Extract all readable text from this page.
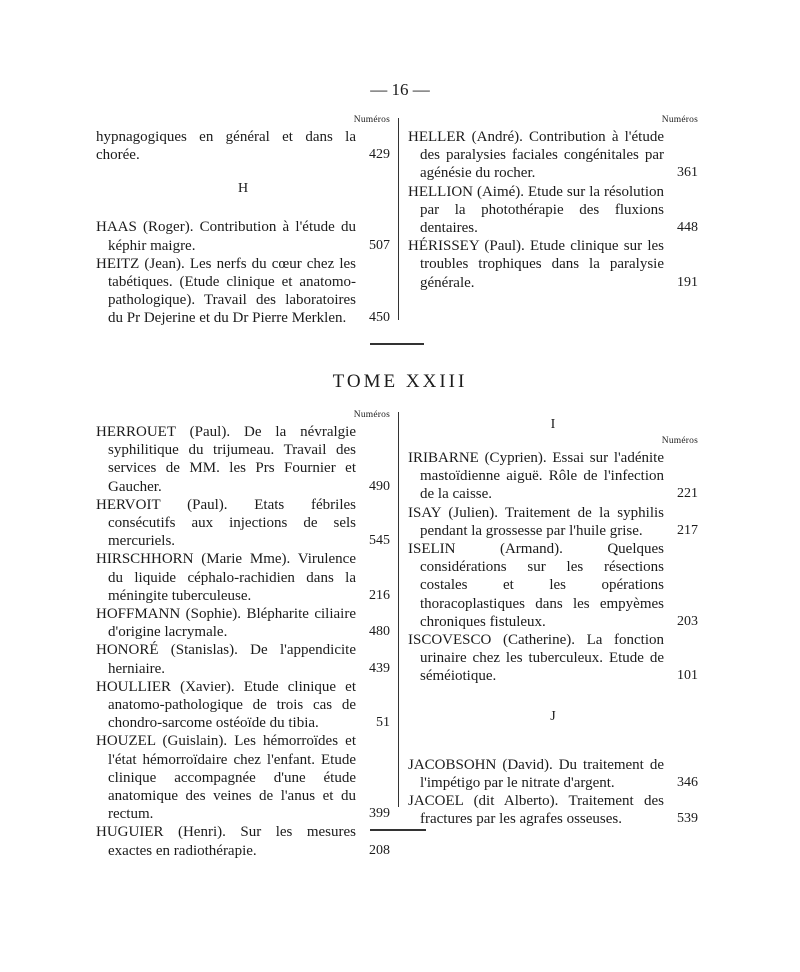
— 16 —
Numéros
hypnagogiques en général et dans la chorée.	429
H
HAAS (Roger). Contribution à l'étude du képhir maigre.	507
HEITZ (Jean). Les nerfs du cœur chez les tabétiques. (Etude clinique et anatomo-pathologique). Travail des laboratoires du Pr Dejerine et du Dr Pierre Merklen.	450
Numéros
HELLER (André). Contribution à l'étude des paralysies faciales congénitales par agénésie du rocher.	361
HELLION (Aimé). Etude sur la résolution par la photothérapie des fluxions dentaires.	448
HÉRISSEY (Paul). Etude clinique sur les troubles trophiques dans la paralysie générale.	191
TOME XXIII
Numéros
HERROUET (Paul). De la névralgie syphilitique du trijumeau. Travail des services de MM. les Prs Fournier et Gaucher.	490
HERVOIT (Paul). Etats fébriles consécutifs aux injections de sels mercuriels.	545
HIRSCHHORN (Marie Mme). Virulence du liquide céphalo-rachidien dans la méningite tuberculeuse.	216
HOFFMANN (Sophie). Blépharite ciliaire d'origine lacrymale.	480
HONORÉ (Stanislas). De l'appendicite herniaire.	439
HOULLIER (Xavier). Etude clinique et anatomo-pathologique de trois cas de chondro-sarcome ostéoïde du tibia.	51
HOUZEL (Guislain). Les hémorroïdes et l'état hémorroïdaire chez l'enfant. Etude clinique accompagnée d'une étude anatomique des veines de l'anus et du rectum.	399
HUGUIER (Henri). Sur les mesures exactes en radiothérapie.	208
I
Numéros
IRIBARNE (Cyprien). Essai sur l'adénite mastoïdienne aiguë. Rôle de l'infection de la caisse.	221
ISAY (Julien). Traitement de la syphilis pendant la grossesse par l'huile grise.	217
ISELIN (Armand). Quelques considérations sur les résections costales et les opérations thoracoplastiques dans les empyèmes chroniques fistuleux.	203
ISCOVESCO (Catherine). La fonction urinaire chez les tuberculeux. Etude de séméiotique.	101
J
JACOBSOHN (David). Du traitement de l'impétigo par le nitrate d'argent.	346
JACOEL (dit Alberto). Traitement des fractures par les agrafes osseuses.	539
